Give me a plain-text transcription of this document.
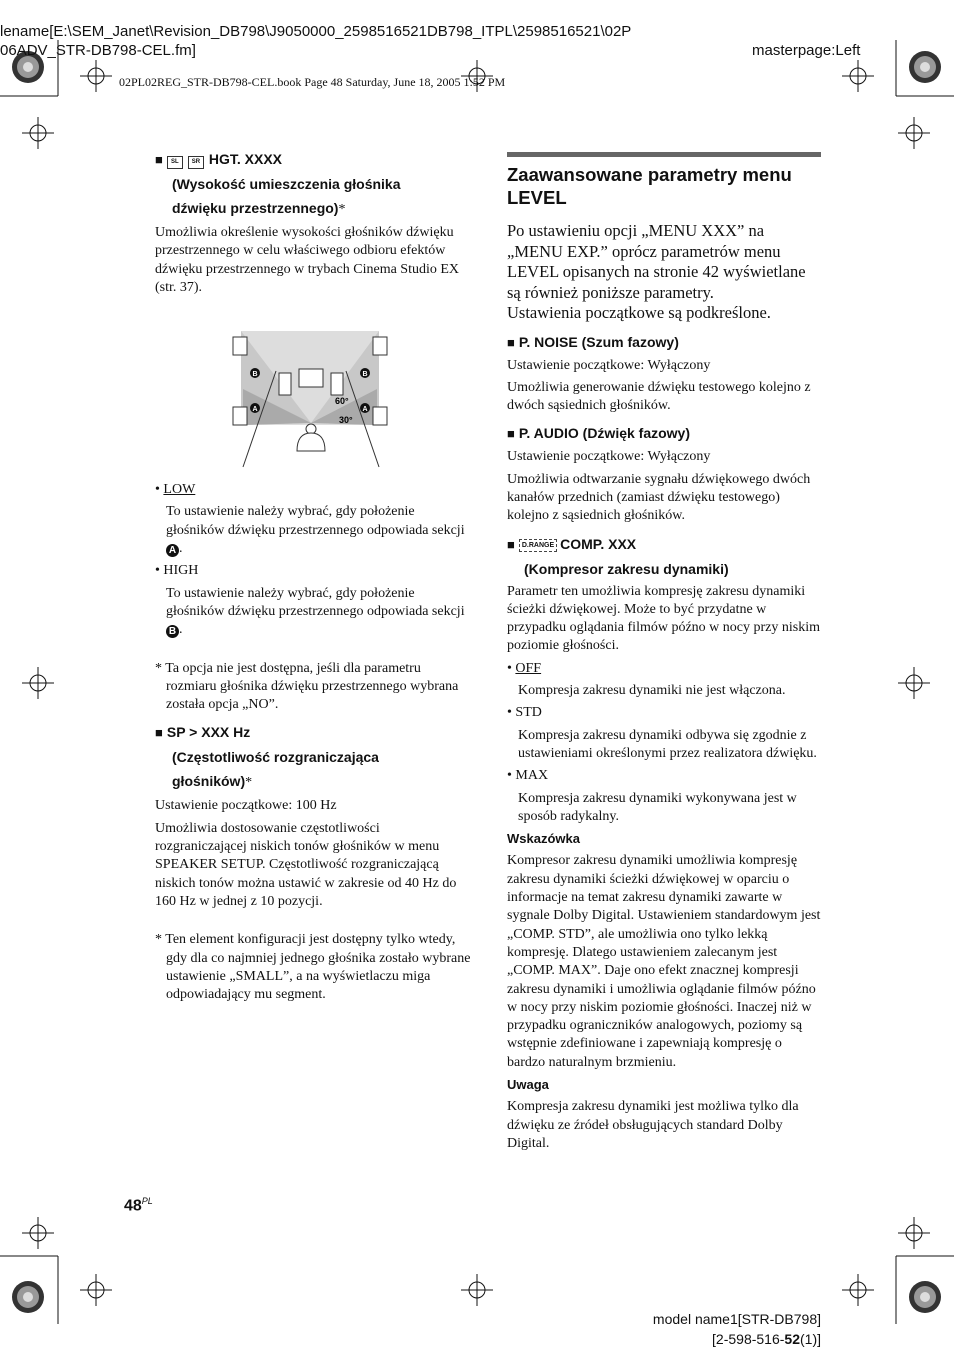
lename[E:\SEM_Janet\Revision_DB798\J9050000_2598516521DB798_ITPL\2598516521\02P
06ADV_STR-DB798-CEL.fm]	masterpage:Left
02PL02REG_STR-DB798-CEL.book Page 48 Saturday, June 18, 2005 1:52 PM

■ SL SR HGT. XXXX

(Wysokość umieszczenia głośnika

dźwięku przestrzennego)*

Umożliwia określenie wysokości głośników dźwięku przestrzennego w celu właściwego odbioru efektów dźwięku przestrzennego w trybach Cinema Studio EX (str. 37).

B	B
A	A
60°
30°

• LOW

To ustawienie należy wybrać, gdy położenie głośników dźwięku przestrzennego odpowiada sekcji A .

• HIGH

To ustawienie należy wybrać, gdy położenie głośników dźwięku przestrzennego odpowiada sekcji B .

* Ta opcja nie jest dostępna, jeśli dla parametru rozmiaru głośnika dźwięku przestrzennego wybrana została opcja „NO”.

■ SP > XXX Hz

(Częstotliwość rozgraniczająca

głośników)*

Ustawienie początkowe: 100 Hz

Umożliwia dostosowanie częstotliwości rozgraniczającej niskich tonów głośników w menu SPEAKER SETUP. Częstotliwość rozgraniczającą niskich tonów można ustawić w zakresie od 40 Hz do 160 Hz w jednej z 10 pozycji.

* Ten element konfiguracji jest dostępny tylko wtedy, gdy dla co najmniej jednego głośnika zostało wybrane ustawienie „SMALL”, a na wyświetlaczu miga odpowiadający mu segment.

Zaawansowane parametry menu LEVEL

Po ustawieniu opcji „MENU XXX” na „MENU EXP.” oprócz parametrów menu LEVEL opisanych na stronie 42 wyświetlane są również poniższe parametry.

Ustawienia początkowe są podkreślone.

■ P. NOISE (Szum fazowy)

Ustawienie początkowe: Wyłączony

Umożliwia generowanie dźwięku testowego kolejno z dwóch sąsiednich głośników.

■ P. AUDIO (Dźwięk fazowy)

Ustawienie początkowe: Wyłączony

Umożliwia odtwarzanie sygnału dźwiękowego dwóch kanałów przednich (zamiast dźwięku testowego) kolejno z sąsiednich głośników.

■ D.RANGE COMP. XXX

(Kompresor zakresu dynamiki)

Parametr ten umożliwia kompresję zakresu dynamiki ścieżki dźwiękowej. Może to być przydatne w przypadku oglądania filmów późno w nocy przy niskim poziomie głośności.

• OFF

Kompresja zakresu dynamiki nie jest włączona.

• STD

Kompresja zakresu dynamiki odbywa się zgodnie z ustawieniami określonymi przez realizatora dźwięku.

• MAX

Kompresja zakresu dynamiki wykonywana jest w sposób radykalny.

Wskazówka

Kompresor zakresu dynamiki umożliwia kompresję zakresu dynamiki ścieżki dźwiękowej w oparciu o informacje na temat zakresu dynamiki zawarte w sygnale Dolby Digital. Ustawieniem standardowym jest „COMP. STD”, ale umożliwia ono tylko lekką kompresję. Dlatego ustawieniem zalecanym jest „COMP. MAX”. Daje ono efekt znacznej kompresji zakresu dynamiki i umożliwia oglądanie filmów późno w nocy przy niskim poziomie głośności. Inaczej niż w przypadku ograniczników analogowych, poziomy są wstępnie zdefiniowane i zapewniają kompresję o bardzo naturalnym brzmieniu.

Uwaga

Kompresja zakresu dynamiki jest możliwa tylko dla dźwięku ze źródeł obsługujących standard Dolby Digital.

$48^{PL}$
model name1[STR-DB798]
[2-598-516-52(1)]
